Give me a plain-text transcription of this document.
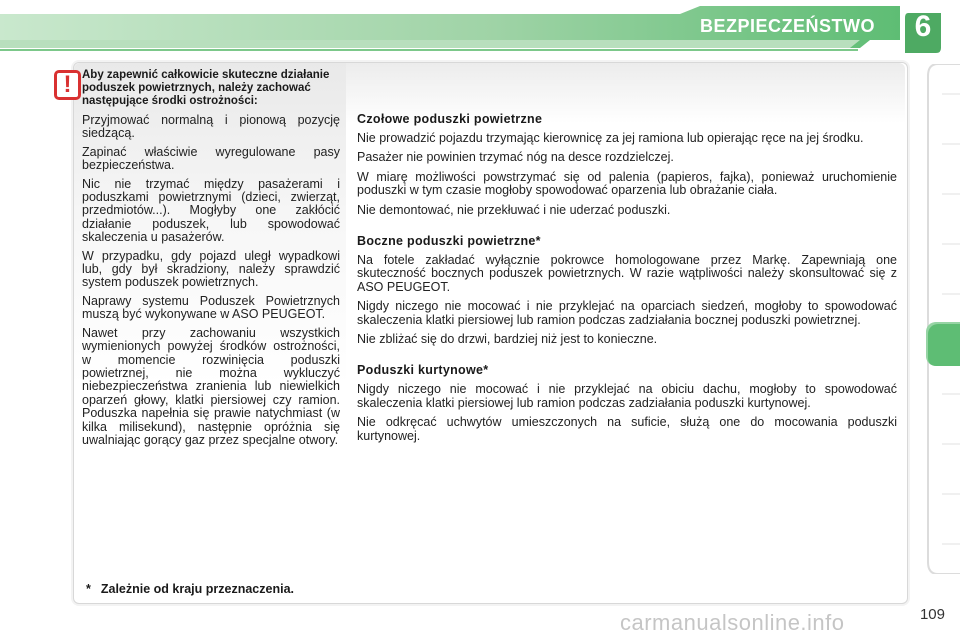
BEZPIECZEŃSTWO	6
! Aby zapewnić całkowicie skuteczne działanie poduszek powietrznych, należy zachować następujące środki ostrożności:

Przyjmować normalną i pionową pozycję siedzącą.

Zapinać właściwie wyregulowane pasy bezpieczeństwa.

Nic nie trzymać między pasażerami i poduszkami powietrznymi (dzieci, zwierząt, przedmiotów...). Mogłyby one zakłócić działanie poduszek, lub spowodować skaleczenia u pasażerów.

W przypadku, gdy pojazd uległ wypadkowi lub, gdy był skradziony, należy sprawdzić system poduszek powietrznych.

Naprawy systemu Poduszek Powietrznych muszą być wykonywane w ASO PEUGEOT.

Nawet przy zachowaniu wszystkich wymienionych powyżej środków ostrożności, w momencie rozwinięcia poduszki powietrznej, nie można wykluczyć niebezpieczeństwa zranienia lub niewielkich oparzeń głowy, klatki piersiowej czy ramion. Poduszka napełnia się prawie natychmiast (w kilka milisekund), następnie opróżnia się uwalniając gorący gaz przez specjalne otwory.

* Zależnie od kraju przeznaczenia.

Czołowe poduszki powietrzne

Nie prowadzić pojazdu trzymając kierownicę za jej ramiona lub opierając ręce na jej środku.

Pasażer nie powinien trzymać nóg na desce rozdzielczej.

W miarę możliwości powstrzymać się od palenia (papieros, fajka), ponieważ uruchomienie poduszki w tym czasie mogłoby spowodować oparzenia lub obrażanie ciała.

Nie demontować, nie przekłuwać i nie uderzać poduszki.

Boczne poduszki powietrzne*

Na fotele zakładać wyłącznie pokrowce homologowane przez Markę. Zapewniają one skuteczność bocznych poduszek powietrznych. W razie wątpliwości należy skonsultować się z ASO PEUGEOT.

Nigdy niczego nie mocować i nie przyklejać na oparciach siedzeń, mogłoby to spowodować skaleczenia klatki piersiowej lub ramion podczas zadziałania bocznej poduszki powietrznej.

Nie zbliżać się do drzwi, bardziej niż jest to konieczne.

Poduszki kurtynowe*

Nigdy niczego nie mocować i nie przyklejać na obiciu dachu, mogłoby to spowodować skaleczenia klatki piersiowej lub ramion podczas zadziałania poduszki kurtynowej.

Nie odkręcać uchwytów umieszczonych na suficie, służą one do mocowania poduszki kurtynowej.

carmanualsonline.info	109
